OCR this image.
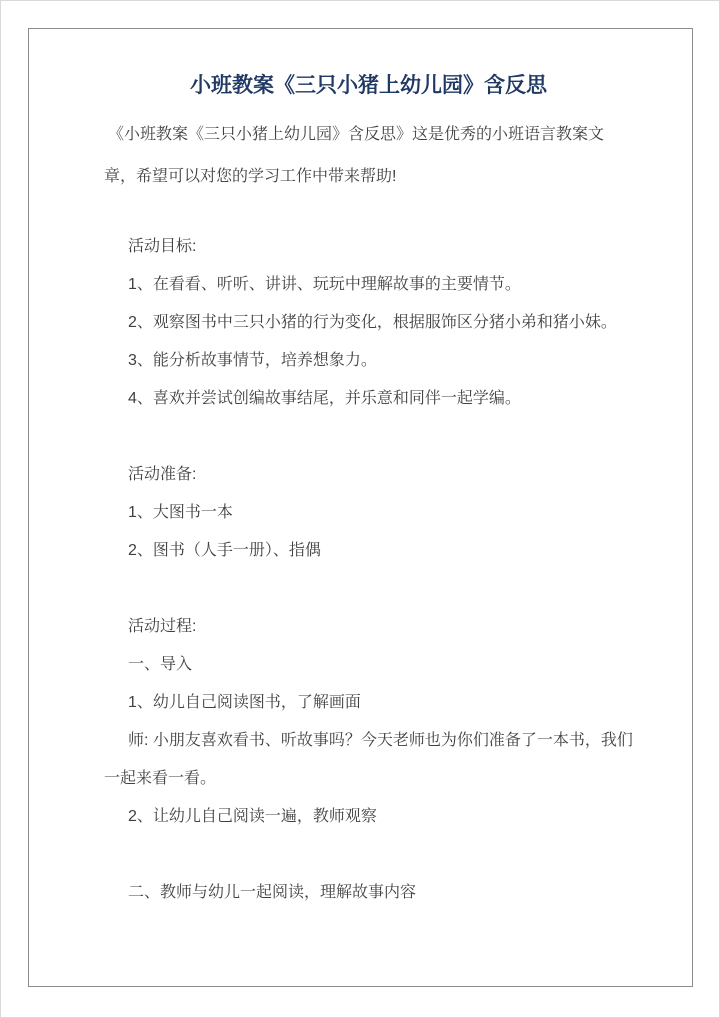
小班教案《三只小猪上幼儿园》含反思

《小班教案《三只小猪上幼儿园》含反思》这是优秀的小班语言教案文章，希望可以对您的学习工作中带来帮助!

活动目标:

1、在看看、听听、讲讲、玩玩中理解故事的主要情节。

2、观察图书中三只小猪的行为变化，根据服饰区分猪小弟和猪小妹。

3、能分析故事情节，培养想象力。

4、喜欢并尝试创编故事结尾，并乐意和同伴一起学编。

活动准备:

1、大图书一本

2、图书（人手一册）、指偶

活动过程:

一、导入

1、幼儿自己阅读图书，了解画面

师: 小朋友喜欢看书、听故事吗？今天老师也为你们准备了一本书，我们一起来看一看。

2、让幼儿自己阅读一遍，教师观察

二、教师与幼儿一起阅读，理解故事内容
